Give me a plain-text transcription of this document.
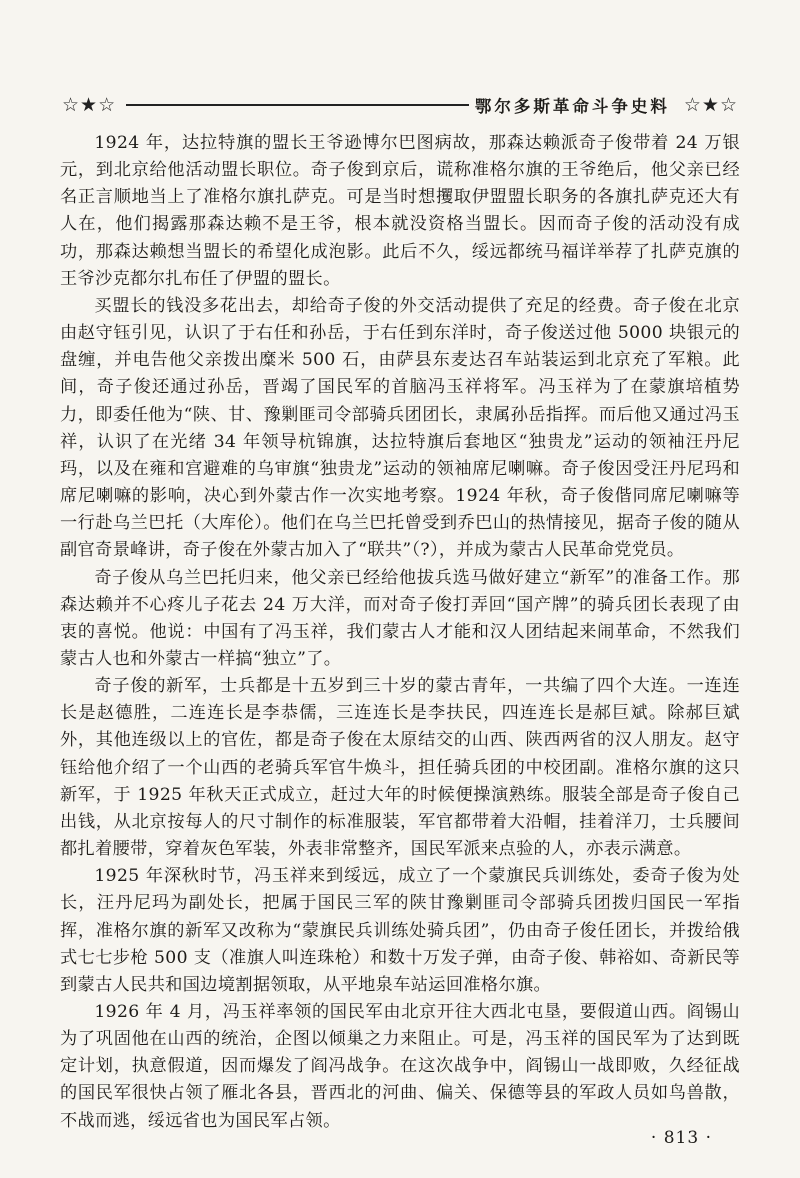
☆★☆	鄂尔多斯革命斗争史料 ☆★☆

1924 年，达拉特旗的盟长王爷逊博尔巴图病故，那森达赖派奇子俊带着 24 万银元，到北京给他活动盟长职位。奇子俊到京后，谎称准格尔旗的王爷绝后，他父亲已经名正言顺地当上了准格尔旗扎萨克。可是当时想攫取伊盟盟长职务的各旗扎萨克还大有人在，他们揭露那森达赖不是王爷，根本就没资格当盟长。因而奇子俊的活动没有成功，那森达赖想当盟长的希望化成泡影。此后不久，绥远都统马福详举荐了扎萨克旗的王爷沙克都尔扎布任了伊盟的盟长。

买盟长的钱没多花出去，却给奇子俊的外交活动提供了充足的经费。奇子俊在北京由赵守钰引见，认识了于右任和孙岳，于右任到东洋时，奇子俊送过他 5000 块银元的盘缠，并电告他父亲拨出糜米 500 石，由萨县东麦达召车站装运到北京充了军粮。此间，奇子俊还通过孙岳，晋竭了国民军的首脑冯玉祥将军。冯玉祥为了在蒙旗培植势力，即委任他为“陕、甘、豫剿匪司令部骑兵团团长，隶属孙岳指挥。而后他又通过冯玉祥，认识了在光绪 34 年领导杭锦旗，达拉特旗后套地区“独贵龙”运动的领袖汪丹尼玛，以及在雍和宫避难的乌审旗“独贵龙”运动的领袖席尼喇嘛。奇子俊因受汪丹尼玛和席尼喇嘛的影响，决心到外蒙古作一次实地考察。1924 年秋，奇子俊偕同席尼喇嘛等一行赴乌兰巴托（大库伦）。他们在乌兰巴托曾受到乔巴山的热情接见，据奇子俊的随从副官奇景峰讲，奇子俊在外蒙古加入了“联共”（?），并成为蒙古人民革命党党员。

奇子俊从乌兰巴托归来，他父亲已经给他拔兵选马做好建立“新军”的准备工作。那森达赖并不心疼儿子花去 24 万大洋，而对奇子俊打弄回“国产牌”的骑兵团长表现了由衷的喜悦。他说：中国有了冯玉祥，我们蒙古人才能和汉人团结起来闹革命，不然我们蒙古人也和外蒙古一样搞“独立”了。

奇子俊的新军，士兵都是十五岁到三十岁的蒙古青年，一共编了四个大连。一连连长是赵德胜，二连连长是李恭儒，三连连长是李扶民，四连连长是郝巨斌。除郝巨斌外，其他连级以上的官佐，都是奇子俊在太原结交的山西、陕西两省的汉人朋友。赵守钰给他介绍了一个山西的老骑兵军官牛焕斗，担任骑兵团的中校团副。准格尔旗的这只新军，于 1925 年秋天正式成立，赶过大年的时候便操演熟练。服装全部是奇子俊自己出钱，从北京按每人的尺寸制作的标准服装，军官都带着大沿帽，挂着洋刀，士兵腰间都扎着腰带，穿着灰色军装，外表非常整齐，国民军派来点验的人，亦表示满意。

1925 年深秋时节，冯玉祥来到绥远，成立了一个蒙旗民兵训练处，委奇子俊为处长，汪丹尼玛为副处长，把属于国民三军的陕甘豫剿匪司令部骑兵团拨归国民一军指挥，准格尔旗的新军又改称为“蒙旗民兵训练处骑兵团”，仍由奇子俊任团长，并拨给俄式七七步枪 500 支（准旗人叫连珠枪）和数十万发子弹，由奇子俊、韩裕如、奇新民等到蒙古人民共和国边境割据领取，从平地泉车站运回准格尔旗。

1926 年 4 月，冯玉祥率领的国民军由北京开往大西北屯垦，要假道山西。阎锡山为了巩固他在山西的统治，企图以倾巢之力来阻止。可是，冯玉祥的国民军为了达到既定计划，执意假道，因而爆发了阎冯战争。在这次战争中，阎锡山一战即败，久经征战的国民军很快占领了雁北各县，晋西北的河曲、偏关、保德等县的军政人员如鸟兽散，不战而逃，绥远省也为国民军占领。

· 813 ·
